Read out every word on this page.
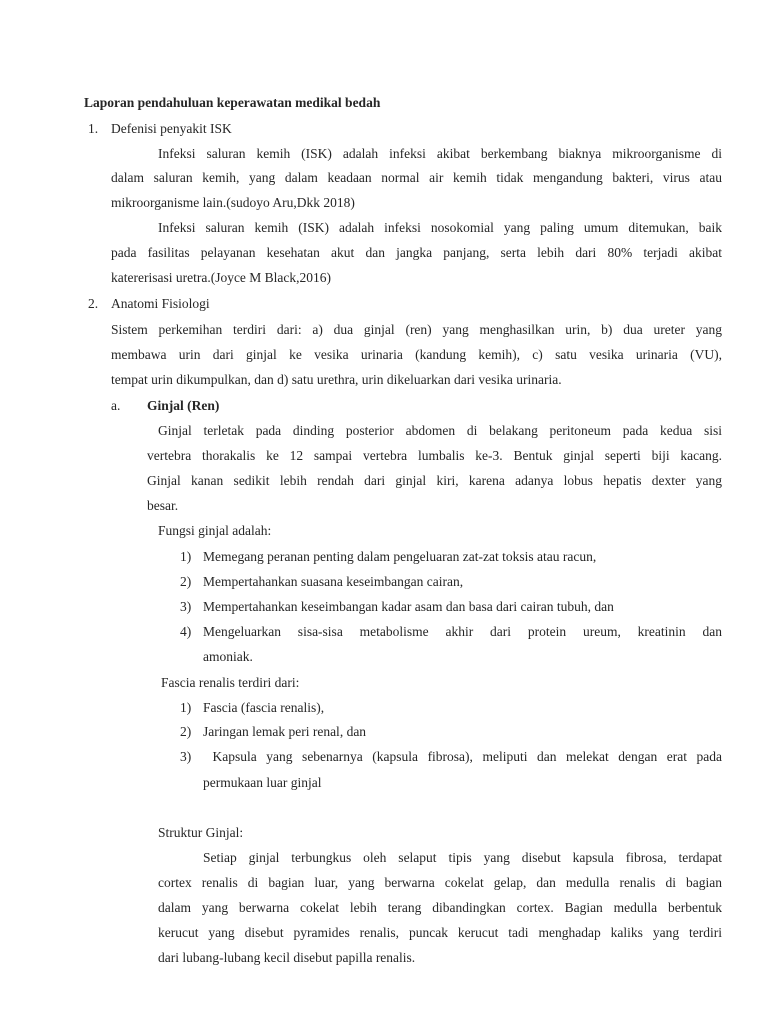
Laporan pendahuluan keperawatan medikal bedah
1. Defenisi penyakit ISK
Infeksi saluran kemih (ISK) adalah infeksi akibat berkembang biaknya mikroorganisme di
dalam saluran kemih, yang dalam keadaan normal air kemih tidak mengandung bakteri, virus atau
mikroorganisme lain.(sudoyo Aru,Dkk 2018)
Infeksi saluran kemih (ISK) adalah infeksi nosokomial yang paling umum ditemukan, baik
pada fasilitas pelayanan kesehatan akut dan jangka panjang, serta lebih dari 80% terjadi akibat
katererisasi uretra.(Joyce M Black,2016)
2. Anatomi Fisiologi
Sistem perkemihan terdiri dari: a) dua ginjal (ren) yang menghasilkan urin, b) dua ureter yang
membawa urin dari ginjal ke vesika urinaria (kandung kemih), c) satu vesika urinaria (VU),
tempat urin dikumpulkan, dan d) satu urethra, urin dikeluarkan dari vesika urinaria.
a. Ginjal (Ren)
Ginjal terletak pada dinding posterior abdomen di belakang peritoneum pada kedua sisi
vertebra thorakalis ke 12 sampai vertebra lumbalis ke-3. Bentuk ginjal seperti biji kacang.
Ginjal kanan sedikit lebih rendah dari ginjal kiri, karena adanya lobus hepatis dexter yang
besar.
Fungsi ginjal adalah:
1) Memegang peranan penting dalam pengeluaran zat-zat toksis atau racun,
2) Mempertahankan suasana keseimbangan cairan,
3) Mempertahankan keseimbangan kadar asam dan basa dari cairan tubuh, dan
4) Mengeluarkan sisa-sisa metabolisme akhir dari protein ureum, kreatinin dan
amoniak.
Fascia renalis terdiri dari:
1) Fascia (fascia renalis),
2) Jaringan lemak peri renal, dan
3) Kapsula yang sebenarnya (kapsula fibrosa), meliputi dan melekat dengan erat pada
permukaan luar ginjal
Struktur Ginjal:
Setiap ginjal terbungkus oleh selaput tipis yang disebut kapsula fibrosa, terdapat
cortex renalis di bagian luar, yang berwarna cokelat gelap, dan medulla renalis di bagian
dalam yang berwarna cokelat lebih terang dibandingkan cortex. Bagian medulla berbentuk
kerucut yang disebut pyramides renalis, puncak kerucut tadi menghadap kaliks yang terdiri
dari lubang-lubang kecil disebut papilla renalis.
